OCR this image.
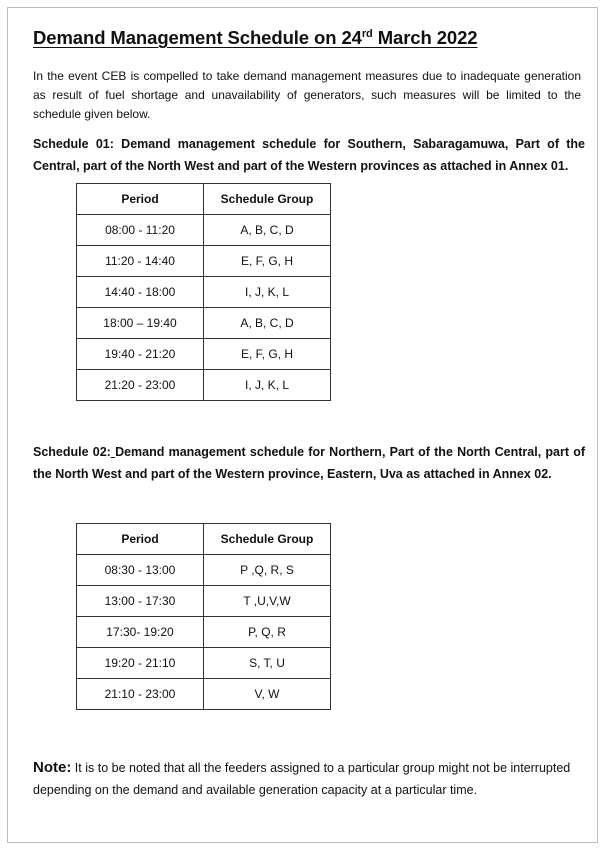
Demand Management Schedule on 24rd March 2022
In the event CEB is compelled to take demand management measures due to inadequate generation as result of fuel shortage and unavailability of generators, such measures will be limited to the schedule given below.
Schedule 01: Demand management schedule for Southern, Sabaragamuwa, Part of the Central, part of the North West and part of the Western provinces as attached in Annex 01.
Period	Schedule Group
08:00 - 11:20	A, B, C, D
11:20 - 14:40	E, F, G, H
14:40 - 18:00	I, J, K, L
18:00 – 19:40	A, B, C, D
19:40 - 21:20	E, F, G, H
21:20 - 23:00	I, J, K, L
Schedule 02: Demand management schedule for Northern, Part of the North Central, part of the North West and part of the Western province, Eastern, Uva as attached in Annex 02.
Period	Schedule Group
08:30 - 13:00	P ,Q, R, S
13:00 - 17:30	T ,U,V,W
17:30- 19:20	P, Q, R
19:20 - 21:10	S, T, U
21:10 - 23:00	V, W
Note: It is to be noted that all the feeders assigned to a particular group might not be interrupted depending on the demand and available generation capacity at a particular time.
